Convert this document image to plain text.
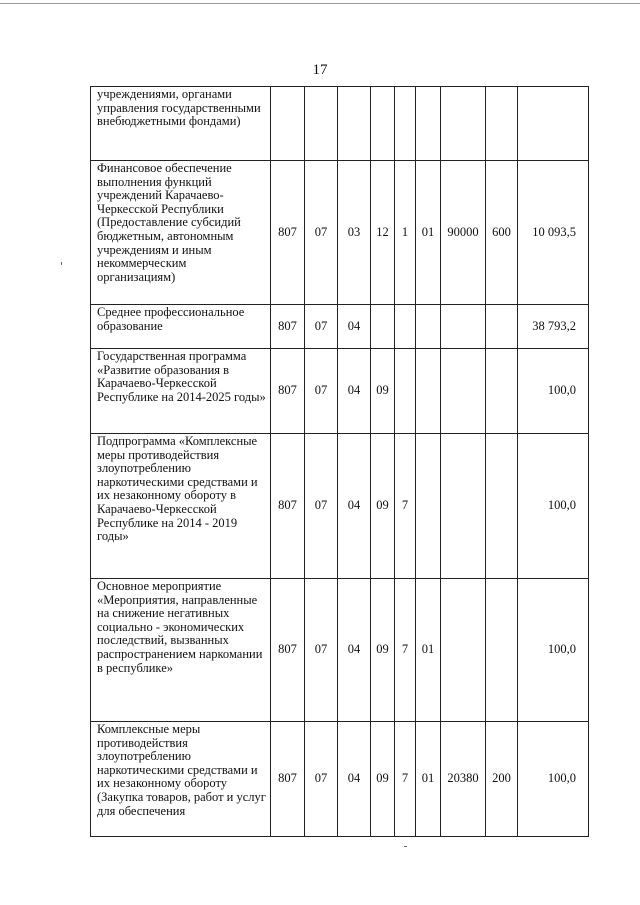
17
учреждениями, органами управления государственными внебюджетными фондами)									
Финансовое обеспечение выполнения функций учреждений Карачаево-Черкесской Республики (Предоставление субсидий бюджетным, автономным учреждениям и иным некоммерческим организациям)	807	07	03	12	1	01	90000	600	10 093,5
Среднее профессиональное образование	807	07	04						38 793,2
Государственная программа «Развитие образования в Карачаево-Черкесской Республике на 2014-2025 годы»	807	07	04	09					100,0
Подпрограмма «Комплексные меры противодействия злоупотреблению наркотическими средствами и их незаконному обороту в Карачаево-Черкесской Республике на 2014 - 2019 годы»	807	07	04	09	7				100,0
Основное мероприятие «Мероприятия, направленные на снижение негативных социально - экономических последствий, вызванных распространением наркомании в республике»	807	07	04	09	7	01			100,0
Комплексные меры противодействия злоупотреблению наркотическими средствами и их незаконному обороту (Закупка товаров, работ и услуг для обеспечения	807	07	04	09	7	01	20380	200	100,0
